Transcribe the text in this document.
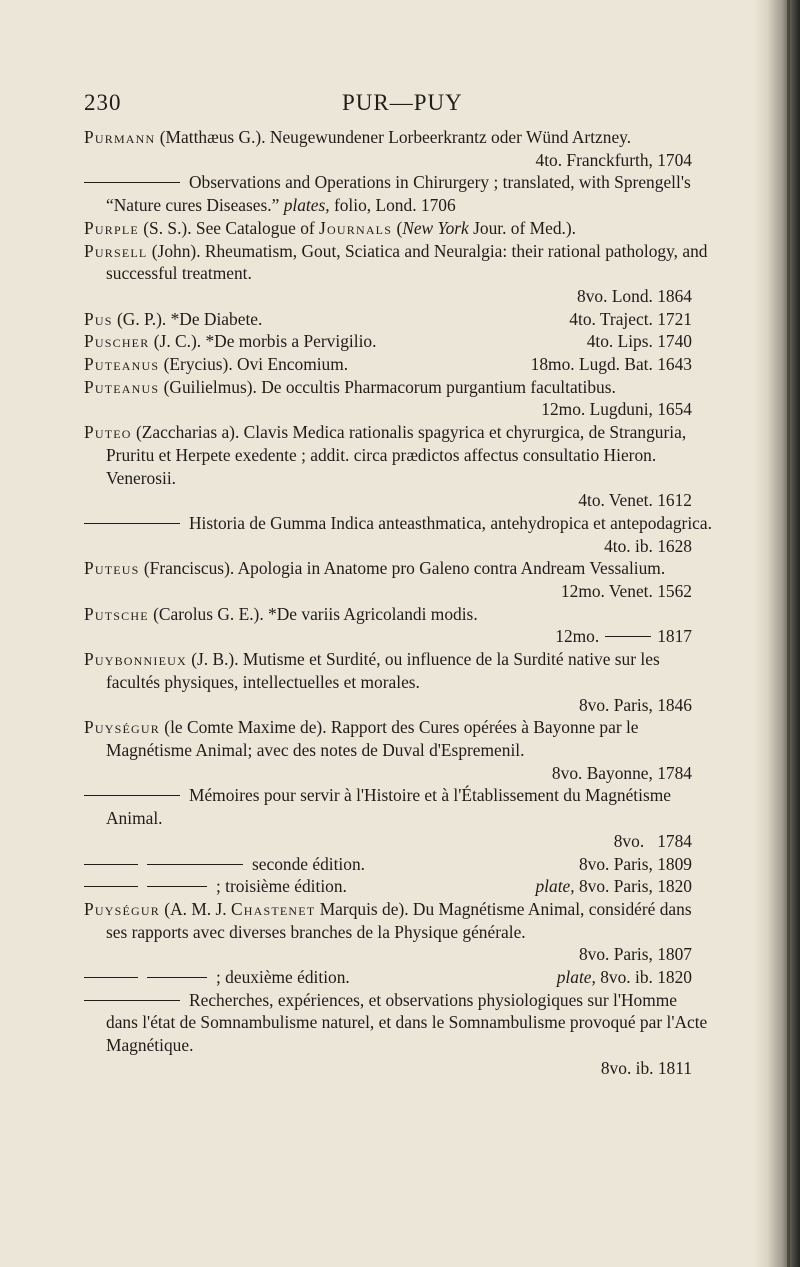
230	PUR—PUY
Purmann (Matthæus G.). Neugewundener Lorbeerkrantz oder Wünd Artzney.
4to. Franckfurth, 1704
Observations and Operations in Chirurgery ; translated, with Sprengell's “Nature cures Diseases.” plates, folio, Lond. 1706
Purple (S. S.). See Catalogue of Journals (New York Jour. of Med.).
Pursell (John). Rheumatism, Gout, Sciatica and Neuralgia: their rational pathology, and successful treatment.
8vo. Lond. 1864
Pus (G. P.). *De Diabete.	4to. Traject. 1721
Puscher (J. C.). *De morbis a Pervigilio.	4to. Lips. 1740
Puteanus (Erycius). Ovi Encomium.	18mo. Lugd. Bat. 1643
Puteanus (Guilielmus). De occultis Pharmacorum purgantium facultatibus.
12mo. Lugduni, 1654
Puteo (Zaccharias a). Clavis Medica rationalis spagyrica et chyrurgica, de Stranguria, Pruritu et Herpete exedente ; addit. circa prædictos affectus consultatio Hieron. Venerosii.
4to. Venet. 1612
Historia de Gumma Indica anteasthmatica, antehydropica et antepodagrica.
4to. ib. 1628
Puteus (Franciscus). Apologia in Anatome pro Galeno contra Andream Vessalium.
12mo. Venet. 1562
Putsche (Carolus G. E.). *De variis Agricolandi modis.
12mo.	1817
Puybonnieux (J. B.). Mutisme et Surdité, ou influence de la Surdité native sur les facultés physiques, intellectuelles et morales.
8vo. Paris, 1846
Puységur (le Comte Maxime de). Rapport des Cures opérées à Bayonne par le Magnétisme Animal; avec des notes de Duval d'Espremenil.
8vo. Bayonne, 1784
Mémoires pour servir à l'Histoire et à l'Établissement du Magnétisme Animal.
8vo.   1784
seconde édition.	8vo. Paris, 1809
; troisième édition.	plate, 8vo. Paris, 1820
Puységur (A. M. J. Chastenet Marquis de). Du Magnétisme Animal, considéré dans ses rapports avec diverses branches de la Physique générale.
8vo. Paris, 1807
; deuxième édition.	plate, 8vo. ib. 1820
Recherches, expériences, et observations physiologiques sur l'Homme dans l'état de Somnambulisme naturel, et dans le Somnambulisme provoqué par l'Acte Magnétique.
8vo. ib. 1811
